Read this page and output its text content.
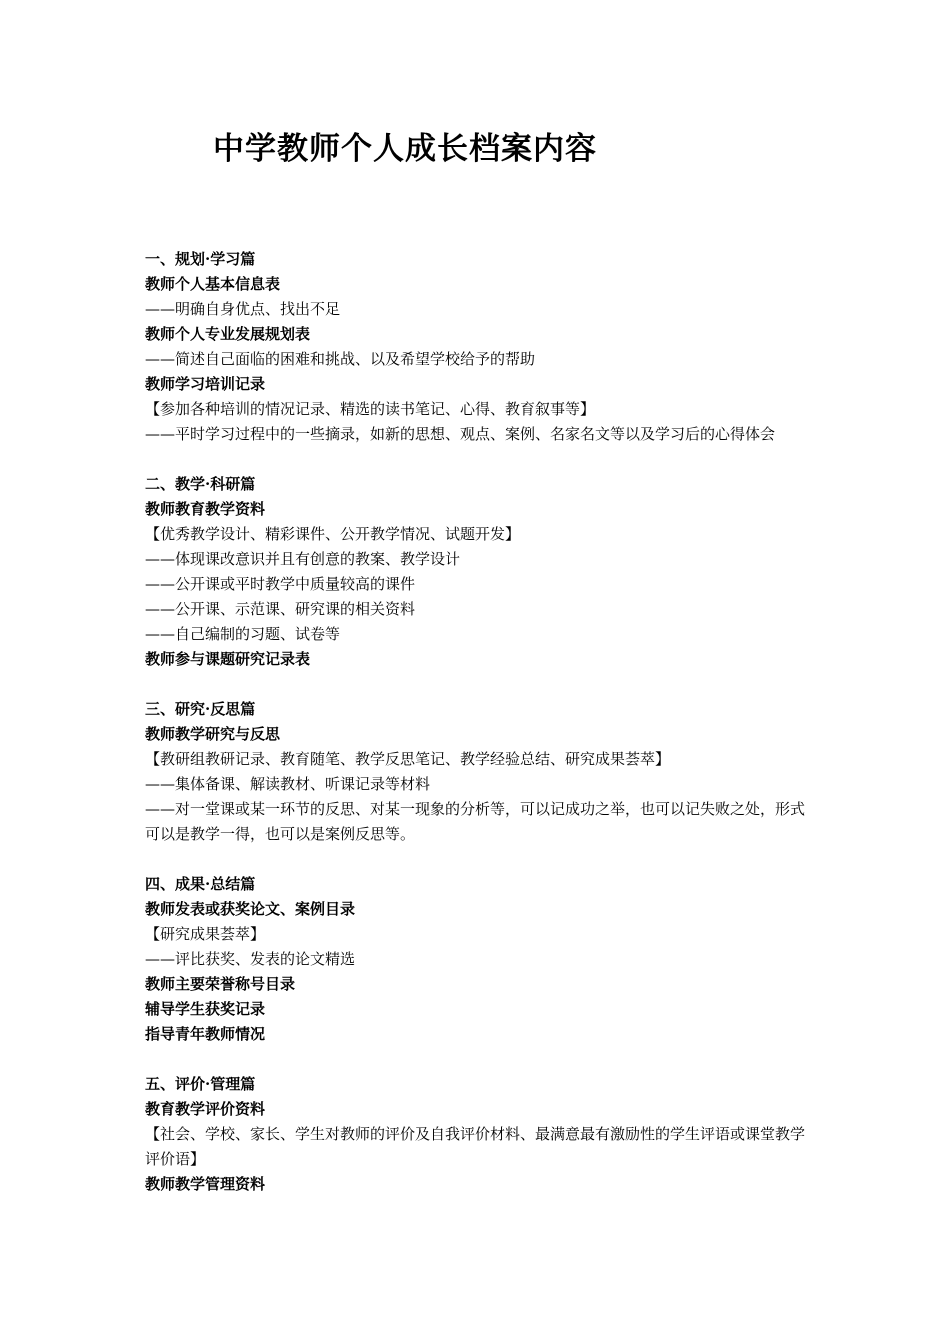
中学教师个人成长档案内容

一、规划·学习篇

教师个人基本信息表

——明确自身优点、找出不足

教师个人专业发展规划表

——简述自己面临的困难和挑战、以及希望学校给予的帮助

教师学习培训记录

【参加各种培训的情况记录、精选的读书笔记、心得、教育叙事等】

——平时学习过程中的一些摘录，如新的思想、观点、案例、名家名文等以及学习后的心得体会

二、教学·科研篇

教师教育教学资料

【优秀教学设计、精彩课件、公开教学情况、试题开发】

——体现课改意识并且有创意的教案、教学设计

——公开课或平时教学中质量较高的课件

——公开课、示范课、研究课的相关资料

——自己编制的习题、试卷等

教师参与课题研究记录表

三、研究·反思篇

教师教学研究与反思

【教研组教研记录、教育随笔、教学反思笔记、教学经验总结、研究成果荟萃】

——集体备课、解读教材、听课记录等材料

——对一堂课或某一环节的反思、对某一现象的分析等，可以记成功之举，也可以记失败之处，形式可以是教学一得，也可以是案例反思等。

四、成果·总结篇

教师发表或获奖论文、案例目录

【研究成果荟萃】

——评比获奖、发表的论文精选

教师主要荣誉称号目录

辅导学生获奖记录

指导青年教师情况

五、评价·管理篇

教育教学评价资料

【社会、学校、家长、学生对教师的评价及自我评价材料、最满意最有激励性的学生评语或课堂教学评价语】

教师教学管理资料
